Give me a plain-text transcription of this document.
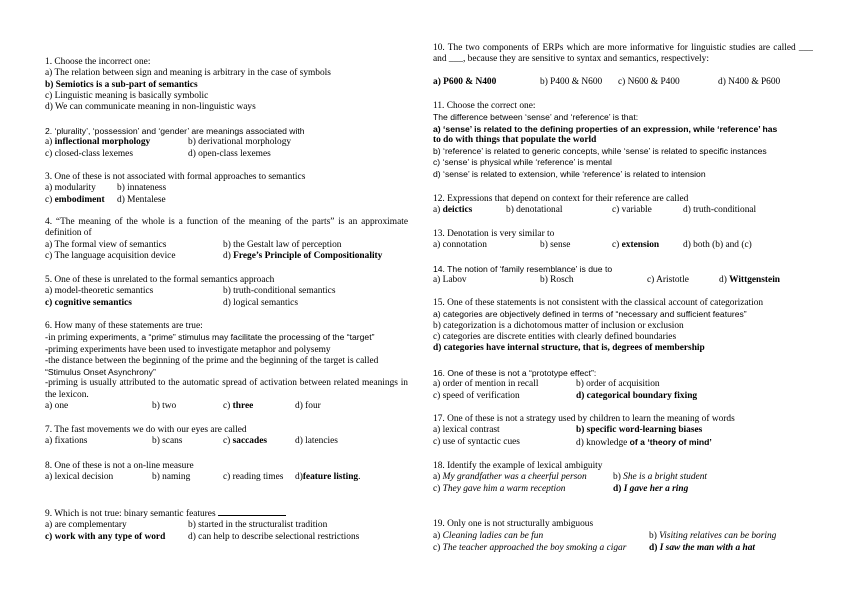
1. Choose the incorrect one:
a) The relation between sign and meaning is arbitrary in the case of symbols
b) Semiotics is a sub-part of semantics
c) Linguistic meaning is basically symbolic
d) We can communicate meaning in non-linguistic ways
2. ‘plurality’, ‘possession’ and ‘gender’ are meanings associated with
a) inflectional morphology	b) derivational morphology
c) closed-class lexemes	d) open-class lexemes
3. One of these is not associated with formal approaches to semantics
a) modularity b) innateness
c) embodiment d) Mentalese
4. “The meaning of the whole is a function of the meaning of the parts” is an approximate definition of
a) The formal view of semantics	b) the Gestalt law of perception
c) The language acquisition device	d) Frege’s Principle of Compositionality
5. One of these is unrelated to the formal semantics approach
a) model-theoretic semantics	b) truth-conditional semantics
c) cognitive semantics	d) logical semantics
6. How many of these statements are true:
-in priming experiments, a “prime” stimulus may facilitate the processing of the “target”
-priming experiments have been used to investigate metaphor and polysemy
-the distance between the beginning of the prime and the beginning of the target is called
“Stimulus Onset Asynchrony”
-priming is usually attributed to the automatic spread of activation between related meanings in the lexicon.
a) one	b) two	c) three	d) four
7. The fast movements we do with our eyes are called
a) fixations	b) scans	c) saccades	d) latencies
8. One of these is not a on-line measure
a) lexical decision	b) naming	c) reading times d)feature listing.
9. Which is not true: binary semantic features
a) are complementary	b) started in the structuralist tradition
c) work with any type of word d) can help to describe selectional restrictions
10. The two components of ERPs which are more informative for linguistic studies are called ___ and ___, because they are sensitive to syntax and semantics, respectively:
a) P600 & N400	b) P400 & N600 c) N600 & P400	d) N400 & P600
11. Choose the correct one:
The difference between ‘sense’ and ‘reference’ is that:
a) ‘sense’ is related to the defining properties of an expression, while ‘reference’ has
to do with things that populate the world
b) ‘reference’ is related to generic concepts, while ‘sense’ is related to specific instances
c) ‘sense’ is physical while ‘reference’ is mental
d) ‘sense’ is related to extension, while ‘reference’ is related to intension
12. Expressions that depend on context for their reference are called
a) deictics	b) denotational	c) variable	d) truth-conditional
13. Denotation is very similar to
a) connotation	b) sense	c) extension	d) both (b) and (c)
14. The notion of ‘family resemblance’ is due to
a) Labov	b) Rosch	c) Aristotle	d) Wittgenstein
15. One of these statements is not consistent with the classical account of categorization
a) categories are objectively defined in terms of “necessary and sufficient features”
b) categorization is a dichotomous matter of inclusion or exclusion
c) categories are discrete entities with clearly defined boundaries
d) categories have internal structure, that is, degrees of membership
16. One of these is not a “prototype effect”:
a) order of mention in recall	b) order of acquisition
c) speed of verification	d) categorical boundary fixing
17. One of these is not a strategy used by children to learn the meaning of words
a) lexical contrast	b) specific word-learning biases
c) use of syntactic cues	d) knowledge of a ‘theory of mind’
18. Identify the example of lexical ambiguity
a) My grandfather was a cheerful person	b) She is a bright student
c) They gave him a warm reception	d) I gave her a ring
19. Only one is not structurally ambiguous
a) Cleaning ladies can be fun	b) Visiting relatives can be boring
c) The teacher approached the boy smoking a cigar d) I saw the man with a hat
